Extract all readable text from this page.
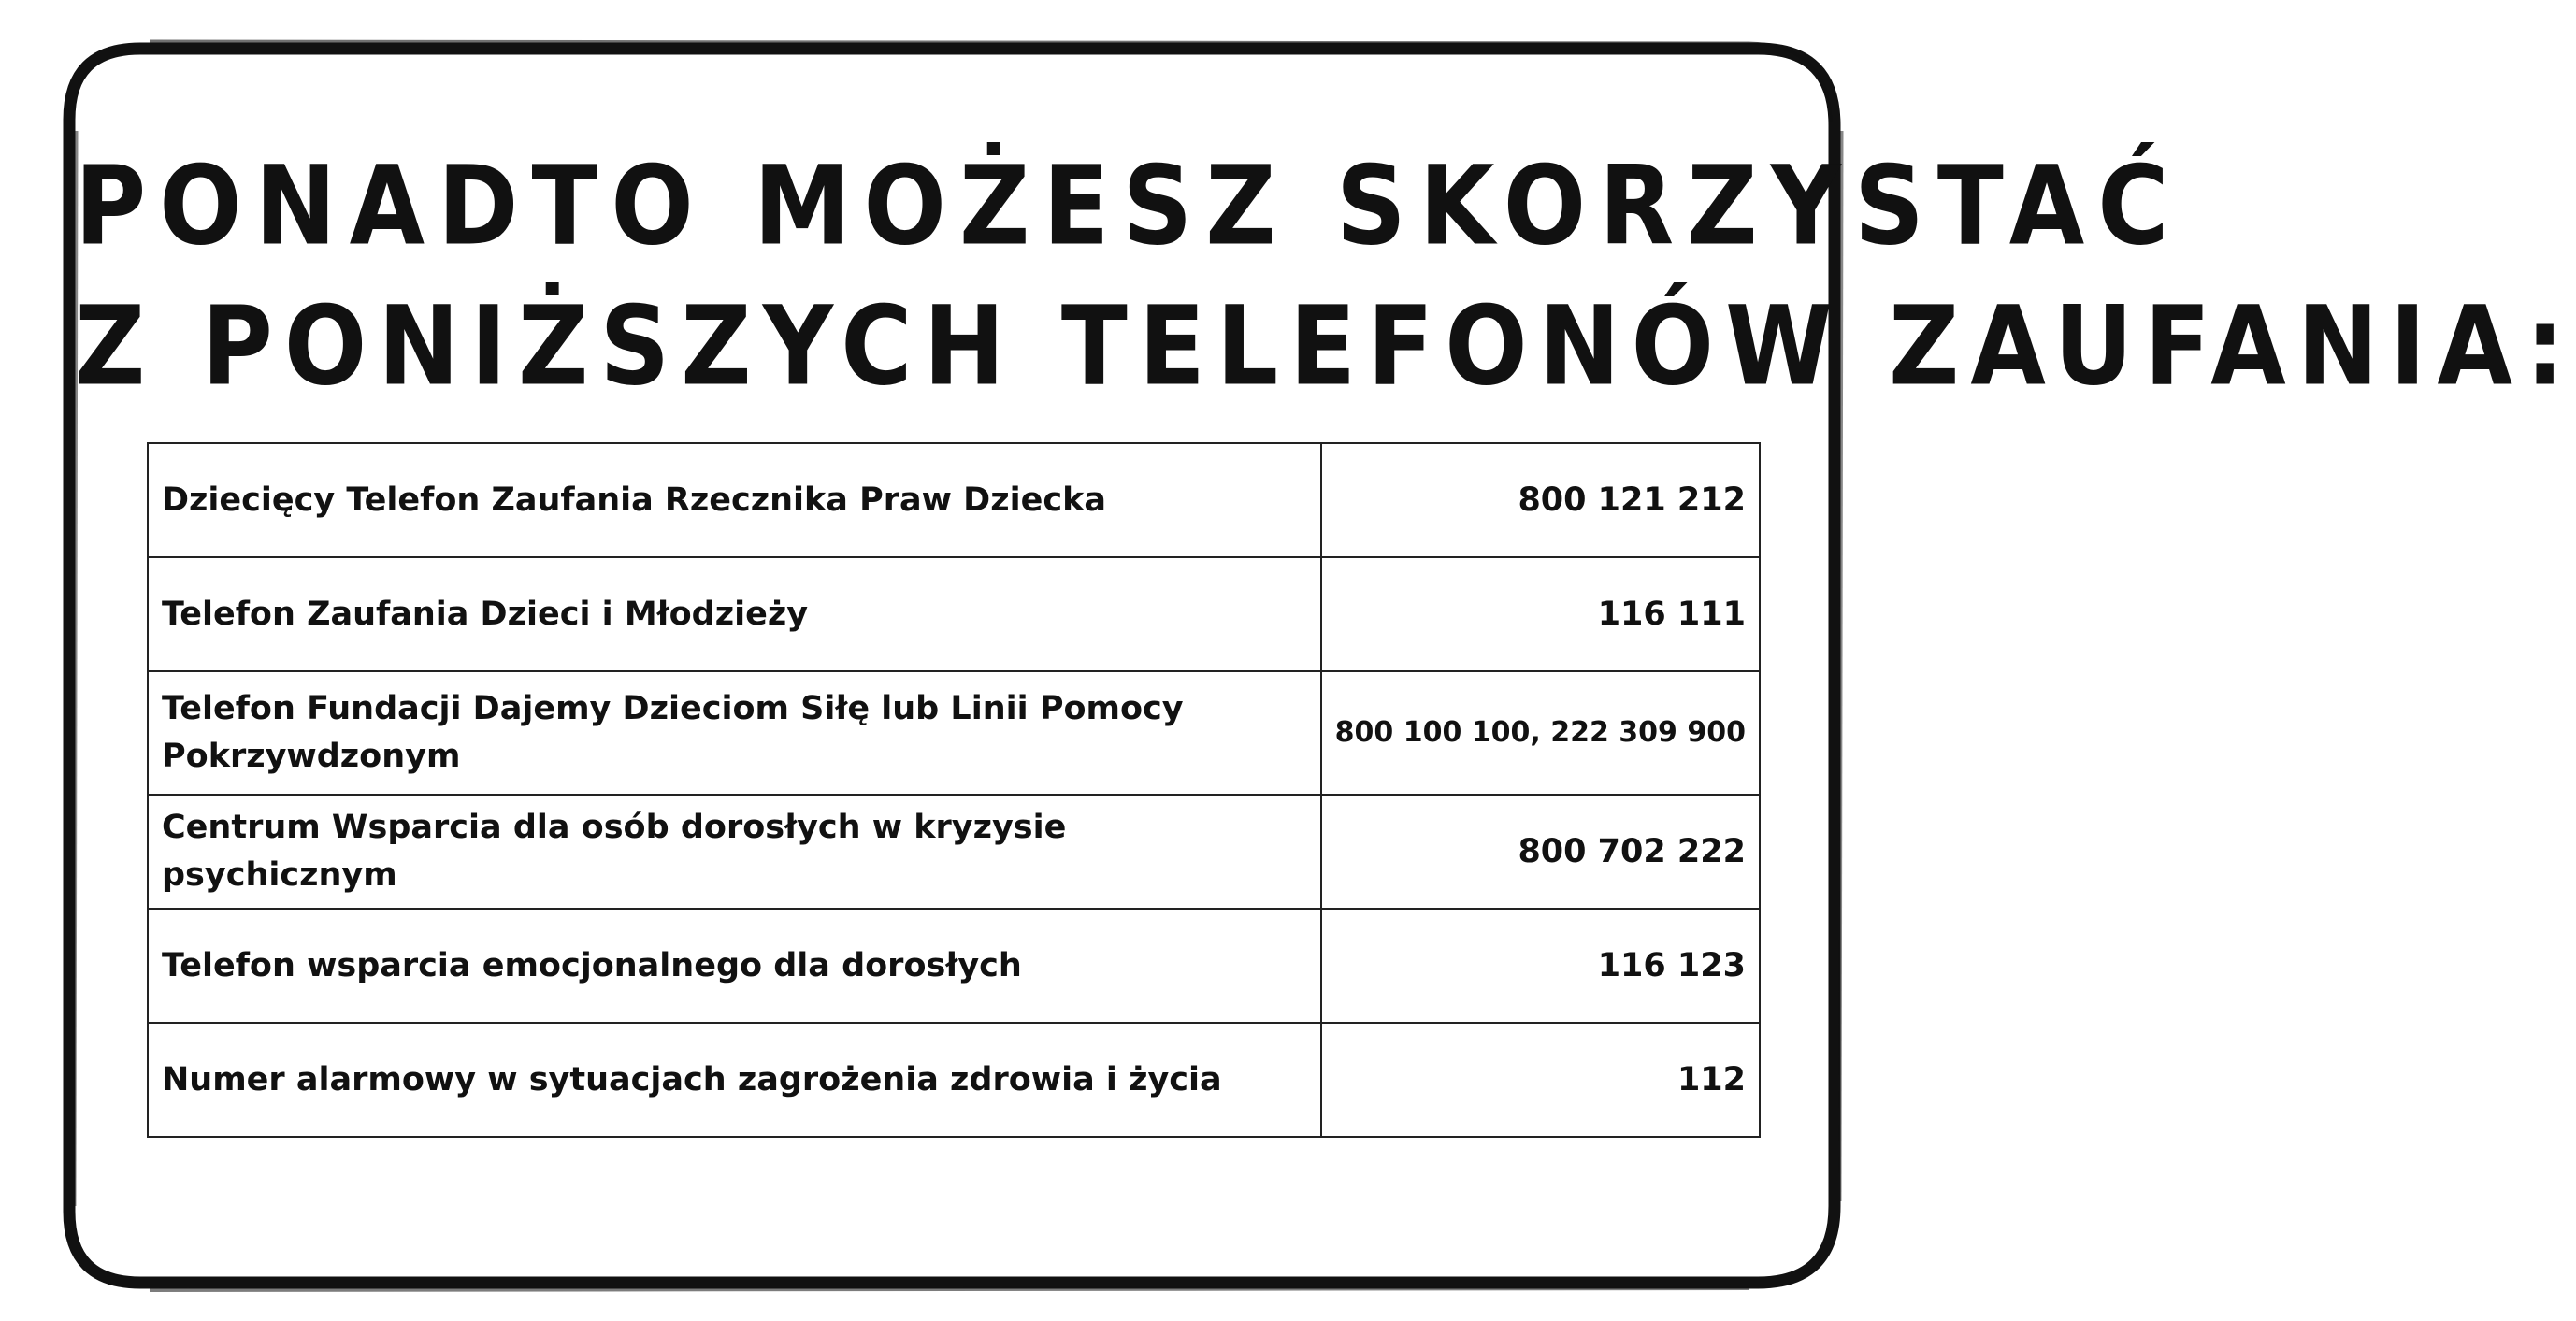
PONADTO MOŻESZ SKORZYSTAĆ
Z PONIŻSZYCH TELEFONÓW ZAUFANIA:
Dziecięcy Telefon Zaufania Rzecznika Praw Dziecka	800 121 212
Telefon Zaufania Dzieci i Młodzieży	116 111
Telefon Fundacji Dajemy Dzieciom Siłę lub Linii Pomocy Pokrzywdzonym	800 100 100, 222 309 900
Centrum Wsparcia dla osób dorosłych w kryzysie psychicznym	800 702 222
Telefon wsparcia emocjonalnego dla dorosłych	116 123
Numer alarmowy w sytuacjach zagrożenia zdrowia i życia	112
